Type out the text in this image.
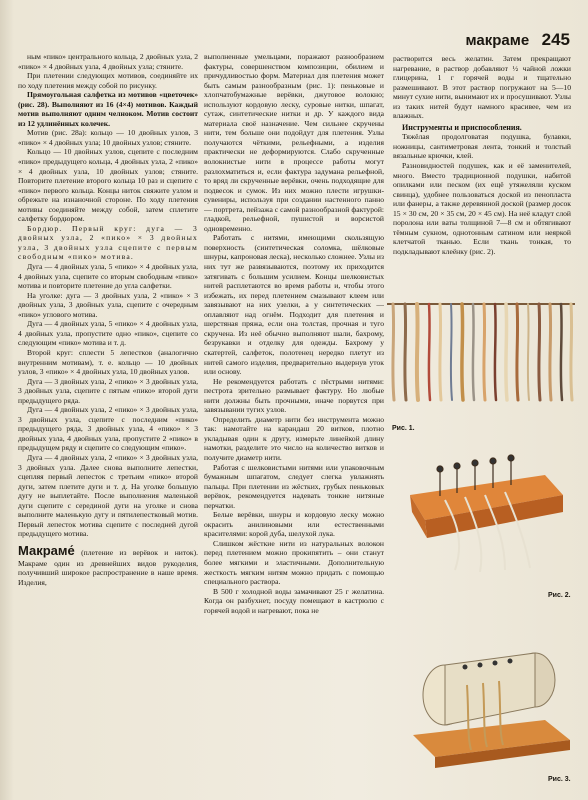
макраме 245

ным «пико» центрального кольца, 2 двойных узла, 2 «пико» × 4 двойных узла, 4 двойных узла; стяните.

При плетении следующих мотивов, соединяйте их по ходу плетения между собой по рисунку.

Прямоугольная салфетка из мотивов «цветочек» (рис. 28). Выполняют из 16 (4×4) мотивов. Каждый мотив выполняют одним челноком. Мотив состоит из 12 удлинённых колечек.

Мотив (рис. 28а): кольцо — 10 двойных узлов, 3 «пико» × 4 двойных узла; 10 двойных узлов; стяните.

Кольцо — 10 двойных узлов, сцепите с последним «пико» предыдущего кольца, 4 двойных узла, 2 «пико» × 4 двойных узла, 10 двойных узлов; стяните. Повторите плетение второго кольца 10 раз и сцепите с «пико» первого кольца. Концы ниток свяжите узлом и обрежьте на изнаночной стороне. По ходу плетения мотивы соединяйте между собой, затем сплетите салфетку бордюром.

Бордюр. Первый круг: дуга — 3 двойных узла, 2 «пико» × 3 двойных узла, 3 двойных узла сцепите с первым свободным «пико» мотива.

Дуга — 4 двойных узла, 5 «пико» × 4 двойных узла, 4 двойных узла, сцепите со вторым свободным «пико» мотива и повторите плетение до угла салфетки.

На уголке: дуга — 3 двойных узла, 2 «пико» × 3 двойных узла, 3 двойных узла, сцепите с очередным «пико» углового мотива.

Дуга — 4 двойных узла, 5 «пико» × 4 двойных узла, 4 двойных узла, пропустите одно «пико», сцепите со следующим «пико» мотива и т. д.

Второй круг: сплести 5 лепестков (аналогично внутренним мотивам), т. е. кольцо — 10 двойных узлов, 3 «пико» × 4 двойных узла, 10 двойных узлов.

Дуга — 3 двойных узла, 2 «пико» × 3 двойных узла, 3 двойных узла, сцепите с пятым «пико» второй дуги предыдущего ряда.

Дуга — 4 двойных узла, 2 «пико» × 3 двойных узла, 3 двойных узла, сцепите с последним «пико» предыдущего ряда, 3 двойных узла, 4 «пико» × 3 двойных узла, 4 двойных узла, пропустите 2 «пико» в предыдущем ряду и сцепите со следующим «пико».

Дуга — 4 двойных узла, 2 «пико» × 3 двойных узла, 3 двойных узла. Далее снова выполните лепестки, сцепляя первый лепесток с третьим «пико» второй дуги, затем плетите дуги и т. д. На уголке большую дугу не выплетайте. После выполнения маленькой дуги сцепите с серединой дуги на уголке и снова выполните маленькую дугу и пятилепестковый мотив. Первый лепесток мотива сцепите с последней дугой предыдущего мотива.

Макраме́ (плетение из верёвок и ниток). Макраме один из древнейших видов рукоделия, получивший широкое распространение в наше время. Изделия,

выполненные умельцами, поражают разнообразием фактуры, совершенством композиции, обилием и причудливостью форм. Материал для плетения может быть самым разнообразным (рис. 1): пеньковые и хлопчатобумажные верёвки, джутовое волокно; используют кордовую леску, суровые нитки, шпагат, сутаж, синтетические нитки и др. У каждого вида материала своё назначение. Чем сильнее скручены нити, тем больше они подойдут для плетения. Узлы получаются чёткими, рельефными, а изделия практически не деформируются. Слабо скрученные волокнистые нити в процессе работы могут разлохматиться и, если фактура задумана рельефной, то вряд ли скрученные верёвки, очень подходящие для подвесок и сумок. Из них можно плести игрушки-сувениры, используя при создании настенного панно — портрета, пейзажа с самой разнообразной фактурой: гладкой, рельефной, пушистой и ворсистой одновременно.

Работать с нитями, имеющими скользящую поверхность (синтетическая соломка, шёлковые шнуры, капроновая леска), несколько сложнее. Узлы из них тут же развязываются, поэтому их приходится затягивать с большим усилием. Концы шелковистых нитей расплетаются во время работы и, чтобы этого избежать, их перед плетением смазывают клеем или завязывают на них узелки, а у синтетических — оплавляют над огнём. Подходит для плетения и шерстяная пряжа, если она толстая, прочная и туго скручена. Из неё обычно выполняют шали, бахрому, безрукавки и отделку для одежды. Бахрому у скатертей, салфеток, полотенец нередко плетут из нитей самого изделия, предварительно выдернув уток или основу.

Не рекомендуется работать с пёстрыми нитями: пестрота зрительно размывает фактуру. Но любые нити должны быть прочными, иначе порвутся при завязывании тугих узлов.

Определить диаметр нити без инструмента можно так: намотайте на карандаш 20 витков, плотно укладывая один к другу, измерьте линейкой длину намотки, разделите это число на количество витков и получите диаметр нити.

Работая с шелковистыми нитями или упаковочным бумажным шпагатом, следует слегка увлажнять пальцы. При плетении из жёстких, грубых пеньковых верёвок, рекомендуется надевать тонкие нитяные перчатки.

Белые верёвки, шнуры и кордовую леску можно окрасить анилиновыми или естественными красителями: корой дуба, шелухой лука.

Слишком жёсткие нити из натуральных волокон перед плетением можно прокипятить – они станут более мягкими и эластичными. Дополнительную жесткость мягким нитям можно придать с помощью специального раствора.

В 500 г холодной воды замачивают 25 г желатина. Когда он разбухнет, посуду помещают в кастрюлю с горячей водой и нагревают, пока не

растворится весь желатин. Затем прекращают нагревание, в раствор добавляют ½ чайной ложки глицерина, 1 г горячей воды и тщательно размешивают. В этот раствор погружают на 5—10 минут сухие нити, вынимают их и просушивают. Узлы из таких нитей будут намного красивее, чем из влажных.

Инструменты и приспособления.

Тяжёлая продолговатая подушка, булавки, ножницы, сантиметровая лента, тонкий и толстый вязальные крючки, клей.

Разновидностей подушек, как и её заменителей, много. Вместо традиционной подушки, набитой опилками или песком (их ещё утяжеляли куском свинца), удобнее пользоваться доской из пенопласта или фанеры, а также деревянной доской (размер досок 15 × 30 см, 20 × 35 см, 20 × 45 см). На неё кладут слой поролона или ваты толщиной 7—8 см и обтягивают тёмным сукном, однотонным сатином или неяркой клетчатой тканью. Если ткань тонкая, то подкладывают клеёнку (рис. 2).

Рис. 1.
Рис. 2.
Рис. 3.
